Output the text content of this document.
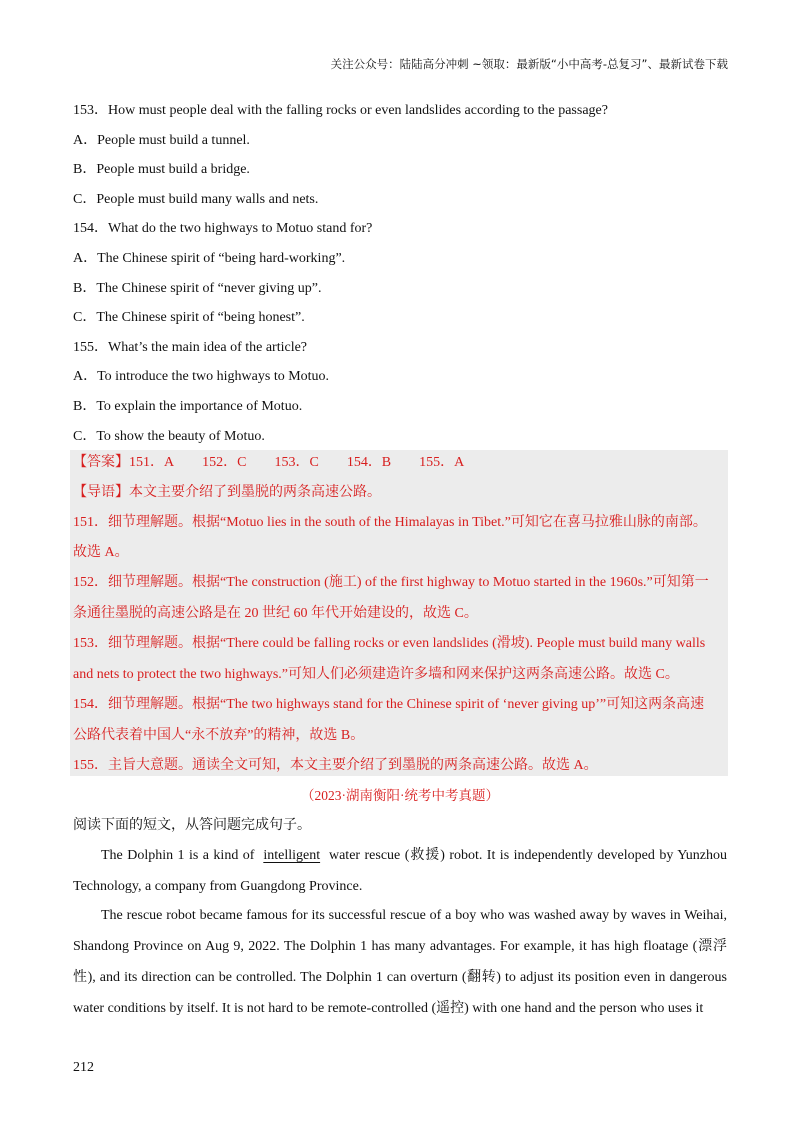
关注公众号：陆陆高分冲刺 ~领取：最新版“小中高考-总复习”、最新试卷下载
153．How must people deal with the falling rocks or even landslides according to the passage?
A．People must build a tunnel.
B．People must build a bridge.
C．People must build many walls and nets.
154．What do the two highways to Motuo stand for?
A．The Chinese spirit of “being hard-working”.
B．The Chinese spirit of “never giving up”.
C．The Chinese spirit of “being honest”.
155．What’s the main idea of the article?
A．To introduce the two highways to Motuo.
B．To explain the importance of Motuo.
C．To show the beauty of Motuo.
【答案】151．A 152．C 153．C 154．B 155．A
【导语】本文主要介绍了到墨脱的两条高速公路。
151．细节理解题。根据“Motuo lies in the south of the Himalayas in Tibet.”可知它在喜马拉雅山脉的南部。
故选 A。
152．细节理解题。根据“The construction (施工) of the first highway to Motuo started in the 1960s.”可知第一
条通往墨脱的高速公路是在 20 世纪 60 年代开始建设的，故选 C。
153．细节理解题。根据“There could be falling rocks or even landslides (滑坡). People must build many walls
and nets to protect the two highways.”可知人们必须建造许多墙和网来保护这两条高速公路。故选 C。
154．细节理解题。根据“The two highways stand for the Chinese spirit of ‘never giving up’”可知这两条高速
公路代表着中国人“永不放弃”的精神，故选 B。
155．主旨大意题。通读全文可知，本文主要介绍了到墨脱的两条高速公路。故选 A。
（2023·湖南衡阳·统考中考真题）
阅读下面的短文，从答问题完成句子。
The Dolphin 1 is a kind of intelligent water rescue (救援) robot. It is independently developed by Yunzhou Technology, a company from Guangdong Province.
The rescue robot became famous for its successful rescue of a boy who was washed away by waves in Weihai, Shandong Province on Aug 9, 2022. The Dolphin 1 has many advantages. For example, it has high floatage (漂浮性), and its direction can be controlled. The Dolphin 1 can overturn (翻转) to adjust its position even in dangerous water conditions by itself. It is not hard to be remote-controlled (遥控) with one hand and the person who uses it
212
